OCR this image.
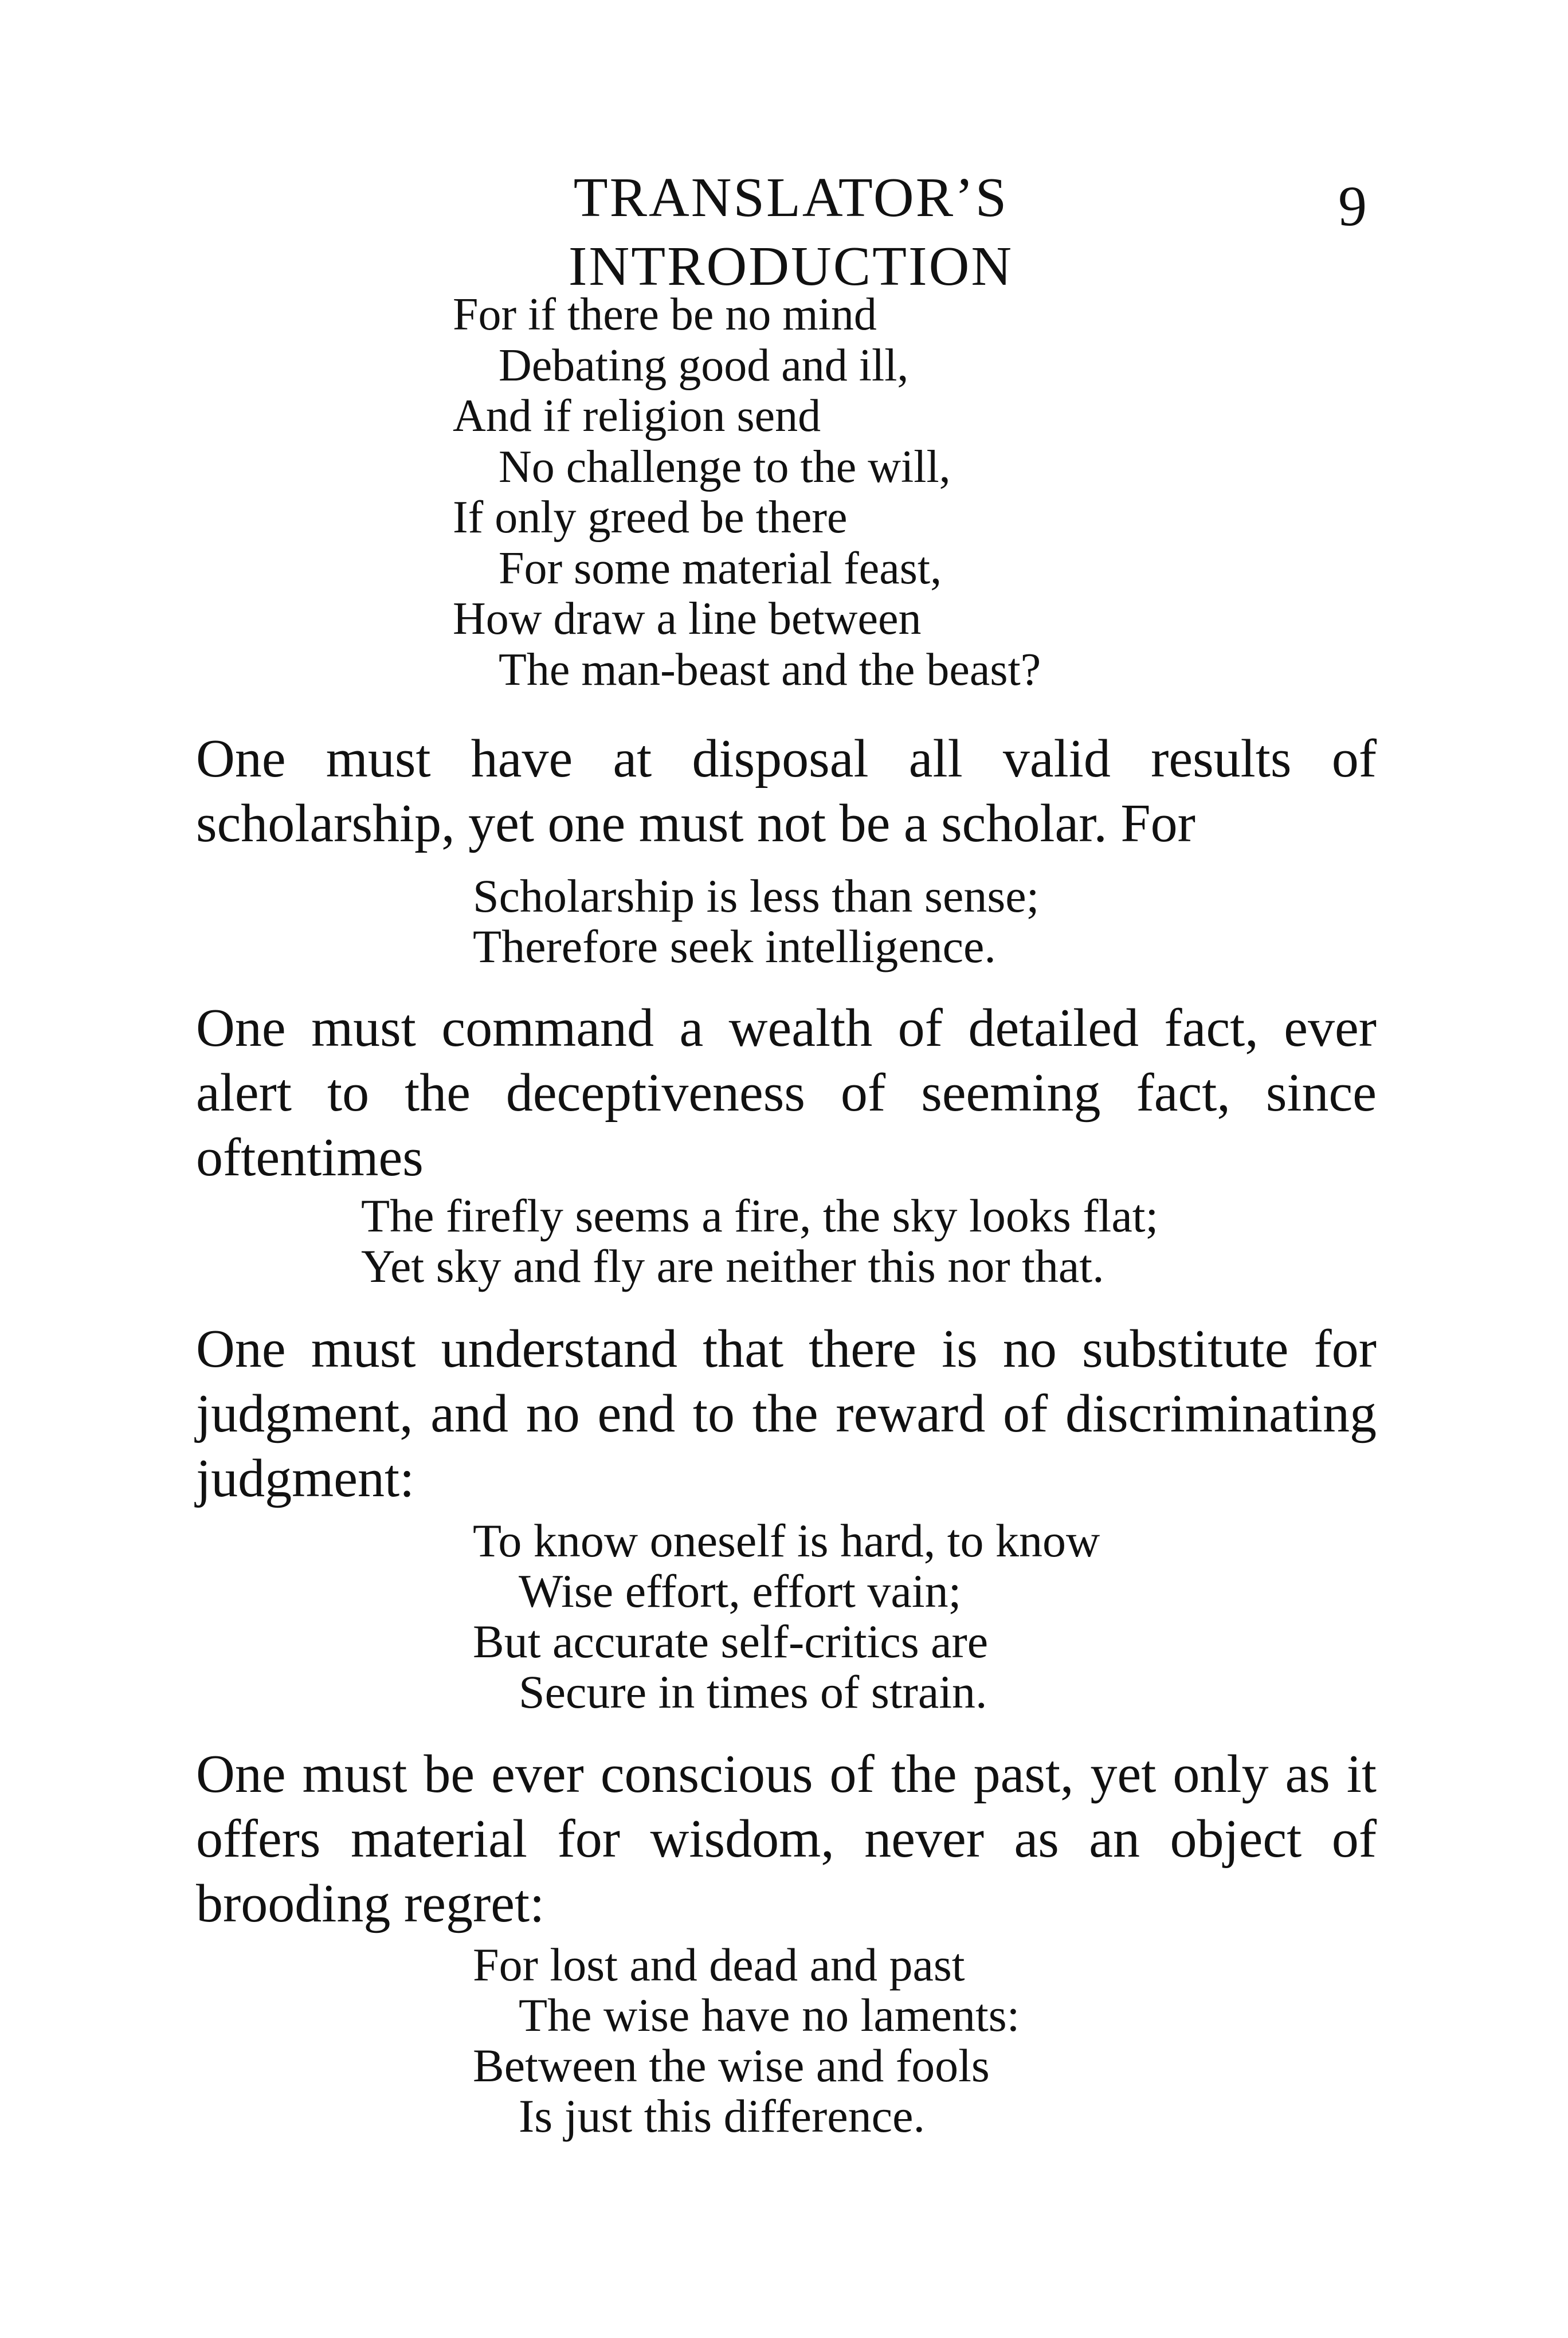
TRANSLATOR’S INTRODUCTION
9
For if there be no mind
Debating good and ill,
And if religion send
No challenge to the will,
If only greed be there
For some material feast,
How draw a line between
The man-beast and the beast?
One must have at disposal all valid results of scholarship, yet one must not be a scholar. For
Scholarship is less than sense;
Therefore seek intelligence.
One must command a wealth of detailed fact, ever alert to the deceptiveness of seeming fact, since oftentimes
The firefly seems a fire, the sky looks flat;
Yet sky and fly are neither this nor that.
One must understand that there is no substitute for judgment, and no end to the reward of discriminating judgment:
To know oneself is hard, to know
Wise effort, effort vain;
But accurate self-critics are
Secure in times of strain.
One must be ever conscious of the past, yet only as it offers material for wisdom, never as an object of brooding regret:
For lost and dead and past
The wise have no laments:
Between the wise and fools
Is just this difference.
